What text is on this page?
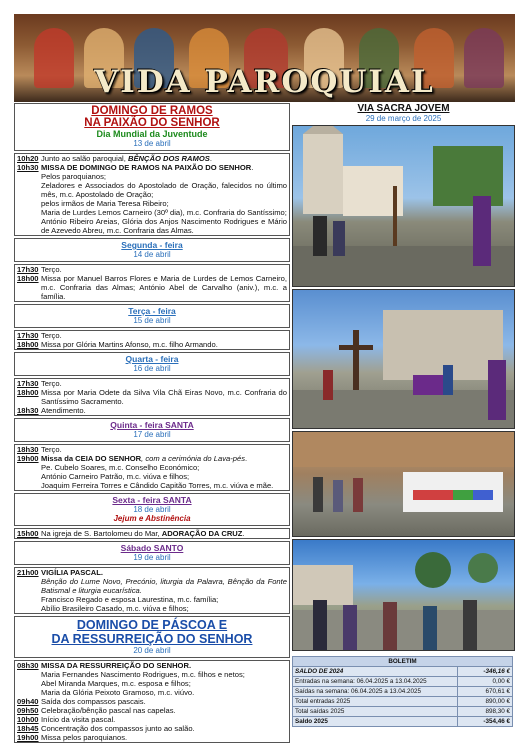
VIDA PAROQUIAL
DOMINGO DE RAMOS
NA PAIXÃO DO SENHOR
Dia Mundial da Juventude
13 de abril
10h20 Junto ao salão paroquial, BÊNÇÃO DOS RAMOS.
10h30 MISSA DE DOMINGO DE RAMOS NA PAIXÃO DO SENHOR.
Pelos paroquianos;
Zeladores e Associados do Apostolado de Oração, falecidos no último mês, m.c. Apostolado de Oração;
pelos irmãos de Maria Teresa Ribeiro;
Maria de Lurdes Lemos Carneiro (30º dia), m.c. Confraria do Santíssimo;
António Ribeiro Areias, Glória dos Anjos Nascimento Rodrigues e Mário de Azevedo Abreu, m.c. Confraria das Almas.
Segunda - feira
14 de abril
17h30 Terço.
18h00 Missa por Manuel Barros Flores e Maria de Lurdes de Lemos Carneiro, m.c. Confraria das Almas; António Abel de Carvalho (aniv.), m.c. a família.
Terça - feira
15 de abril
17h30 Terço.
18h00 Missa por Glória Martins Afonso, m.c. filho Armando.
Quarta - feira
16 de abril
17h30 Terço.
18h00 Missa por Maria Odete da Silva Vila Chã Eiras Novo, m.c. Confraria do Santíssimo Sacramento.
18h30 Atendimento.
Quinta - feira SANTA
17 de abril
18h30 Terço.
19h00 Missa da CEIA DO SENHOR, com a cerimónia do Lava-pés.
Pe. Cubelo Soares, m.c. Conselho Económico;
António Carneiro Patrão, m.c. viúva e filhos;
Joaquim Ferreira Torres e Cândido Capitão Torres, m.c. viúva e mãe.
Sexta - feira SANTA
18 de abril
Jejum e Abstinência
15h00 Na igreja de S. Bartolomeu do Mar, ADORAÇÃO DA CRUZ.
Sábado SANTO
19 de abril
21h00 VIGÍLIA PASCAL.
Bênção do Lume Novo, Precónio, liturgia da Palavra, Bênção da Fonte Batismal e liturgia eucarística.
Francisco Regado e esposa Laurestina, m.c. família;
Abílio Brasileiro Casado, m.c. viúva e filhos;
DOMINGO DE PÁSCOA E
DA RESSURREIÇÃO DO SENHOR
20 de abril
08h30 MISSA DA RESSURREIÇÃO DO SENHOR.
Maria Fernandes Nascimento Rodrigues, m.c. filhos e netos;
Abel Miranda Marques, m.c. esposa e filhos;
Maria da Glória Peixoto Gramoso, m.c. viúvo.
09h40 Saída dos compassos pascais.
09h50 Celebração/bênção pascal nas capelas.
10h00 Início da visita pascal.
18h45 Concentração dos compassos junto ao salão.
19h00 Missa pelos paroquianos.
VIA SACRA JOVEM
29 de março de 2025
BOLETIM	
SALDO DE 2024	-346,16 €
Entradas na semana: 06.04.2025 a 13.04.2025	0,00 €
Saídas na semana: 06.04.2025 a 13.04.2025	670,61 €
Total entradas 2025	890,00 €
Total saídas 2025	898,30 €
Saldo 2025	-354,46 €
